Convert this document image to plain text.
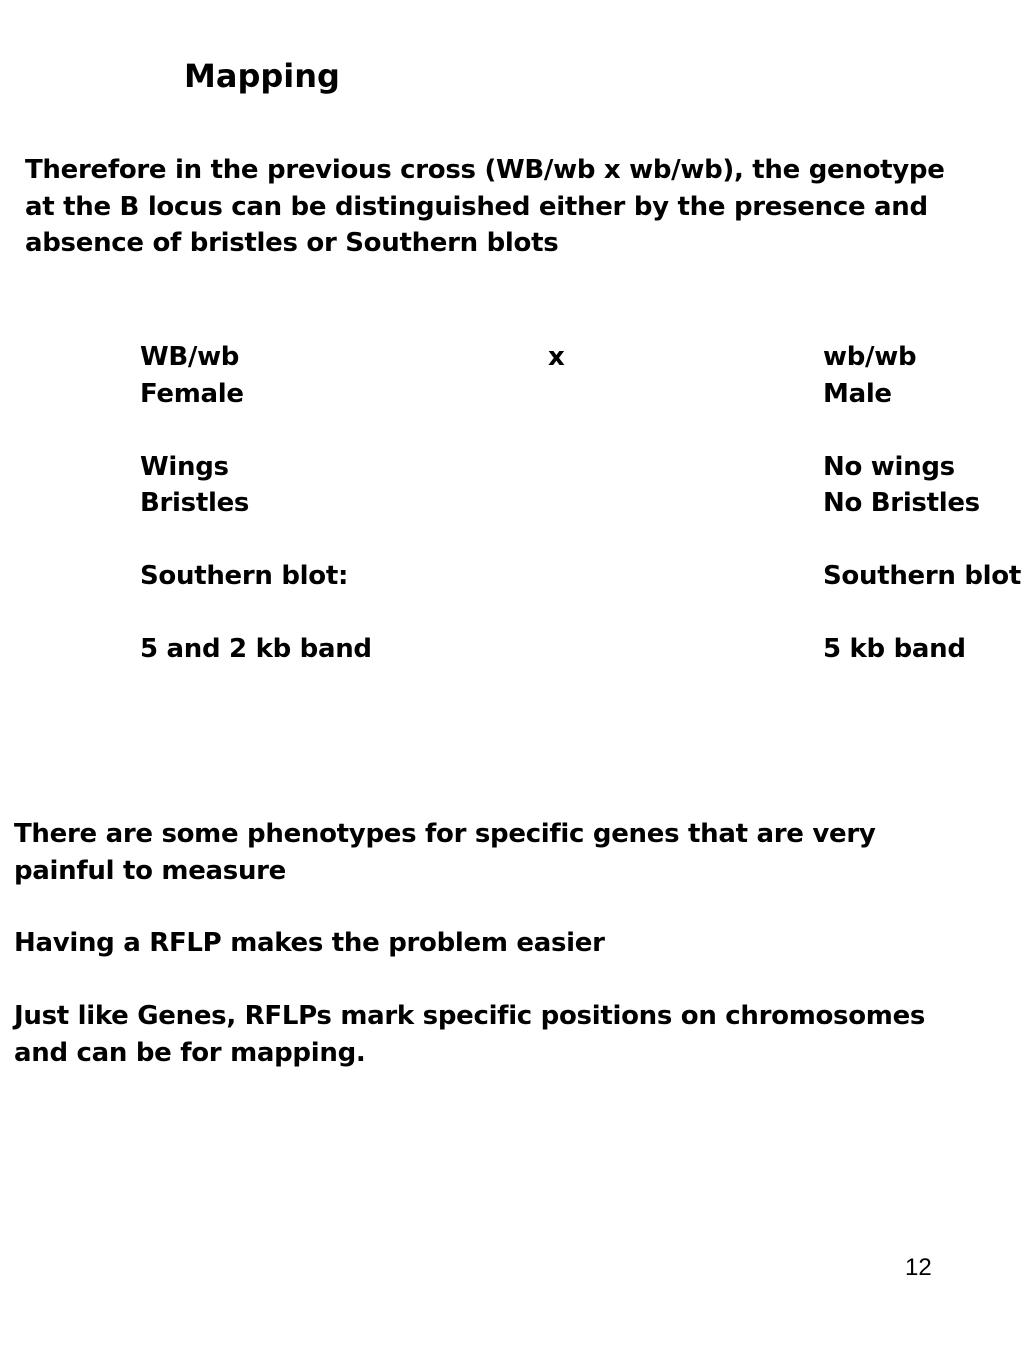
Mapping
Therefore in the previous cross (WB/wb x wb/wb), the genotype
at the B locus can be distinguished either by the presence and
absence of bristles or Southern blots
WB/wb
Female
Wings
Bristles
Southern blot:
5 and 2 kb band
x	wb/wb
Male
No wings
No Bristles
Southern blot
5 kb band
There are some phenotypes for specific genes that are very
painful to measure
Having a RFLP makes the problem easier
Just like Genes, RFLPs mark specific positions on chromosomes
and can be for mapping.
12
